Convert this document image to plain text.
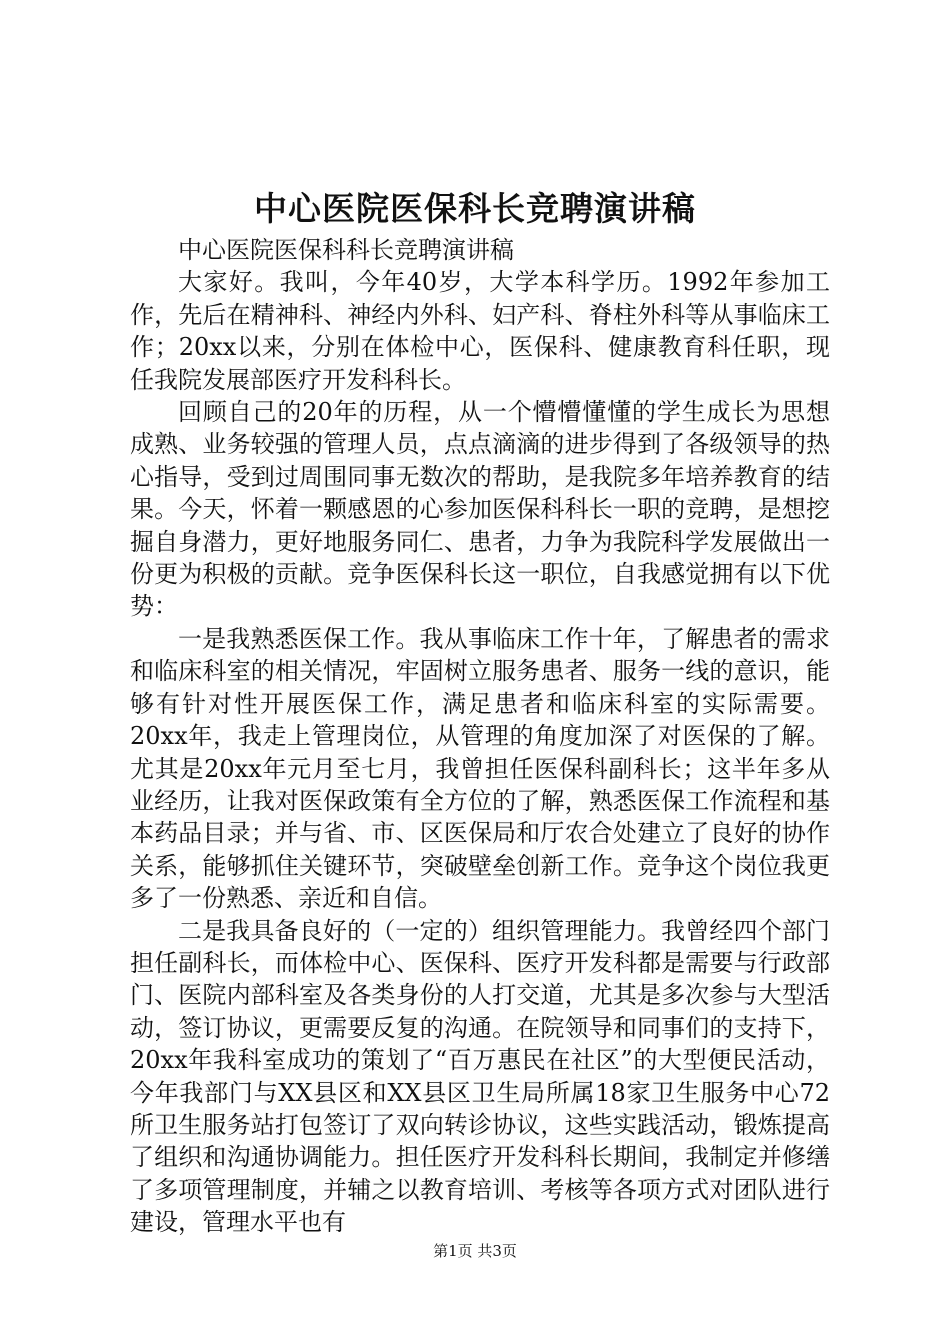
中心医院医保科长竞聘演讲稿

中心医院医保科科长竞聘演讲稿

大家好。我叫，今年40岁，大学本科学历。1992年参加工作，先后在精神科、神经内外科、妇产科、脊柱外科等从事临床工作；20xx以来，分别在体检中心，医保科、健康教育科任职，现任我院发展部医疗开发科科长。

回顾自己的20年的历程，从一个懵懵懂懂的学生成长为思想成熟、业务较强的管理人员，点点滴滴的进步得到了各级领导的热心指导，受到过周围同事无数次的帮助，是我院多年培养教育的结果。今天，怀着一颗感恩的心参加医保科科长一职的竞聘，是想挖掘自身潜力，更好地服务同仁、患者，力争为我院科学发展做出一份更为积极的贡献。竞争医保科长这一职位，自我感觉拥有以下优势：

一是我熟悉医保工作。我从事临床工作十年，了解患者的需求和临床科室的相关情况，牢固树立服务患者、服务一线的意识，能够有针对性开展医保工作，满足患者和临床科室的实际需要。20xx年，我走上管理岗位，从管理的角度加深了对医保的了解。尤其是20xx年元月至七月，我曾担任医保科副科长；这半年多从业经历，让我对医保政策有全方位的了解，熟悉医保工作流程和基本药品目录；并与省、市、区医保局和厅农合处建立了良好的协作关系，能够抓住关键环节，突破壁垒创新工作。竞争这个岗位我更多了一份熟悉、亲近和自信。

二是我具备良好的（一定的）组织管理能力。我曾经四个部门担任副科长，而体检中心、医保科、医疗开发科都是需要与行政部门、医院内部科室及各类身份的人打交道，尤其是多次参与大型活动，签订协议，更需要反复的沟通。在院领导和同事们的支持下，20xx年我科室成功的策划了“百万惠民在社区”的大型便民活动，今年我部门与XX县区和XX县区卫生局所属18家卫生服务中心72所卫生服务站打包签订了双向转诊协议，这些实践活动，锻炼提高了组织和沟通协调能力。担任医疗开发科科长期间，我制定并修缮了多项管理制度，并辅之以教育培训、考核等各项方式对团队进行建设，管理水平也有

第1页 共3页
